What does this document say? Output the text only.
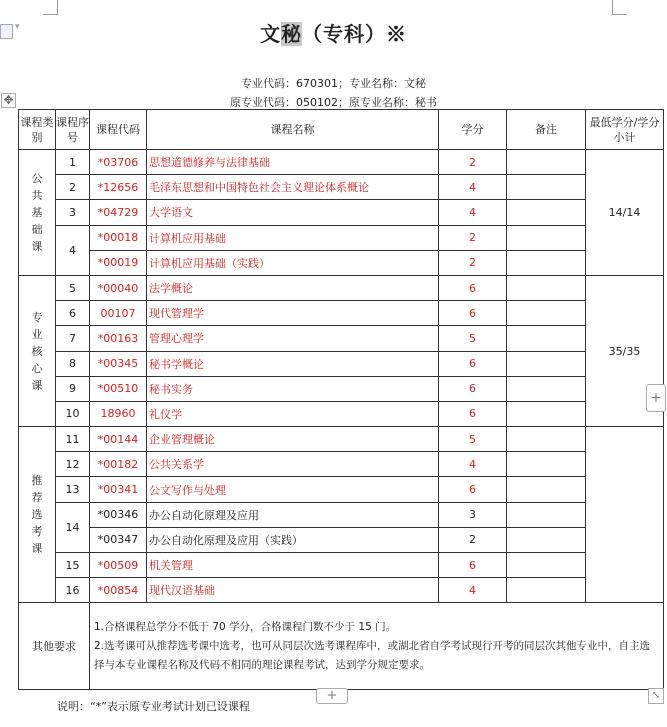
▾
文秘（专科）※
专业代码：670301；专业名称：文秘
原专业代码：050102；原专业名称：秘书
✥
课程类别	课程序号	课程代码	课程名称	学分	备注	最低学分/学分小计

公共基础课	1	*03706	思想道德修养与法律基础	2		14/14
	2	*12656	毛泽东思想和中国特色社会主义理论体系概论	4		
	3	*04729	大学语文	4		
	4	*00018	计算机应用基础	2		
		*00019	计算机应用基础（实践）	2		

专业核心课	5	*00040	法学概论	6		35/35
	6	00107	现代管理学	6		
	7	*00163	管理心理学	5		
	8	*00345	秘书学概论	6		
	9	*00510	秘书实务	6		
	10	18960	礼仪学	6		

推荐选考课	11	*00144	企业管理概论	5		
	12	*00182	公共关系学	4		
	13	*00341	公文写作与处理	6		
	14	*00346	办公自动化原理及应用	3		
		*00347	办公自动化原理及应用（实践）	2		
	15	*00509	机关管理	6		
	16	*00854	现代汉语基础	4		
其他要求		1.合格课程总学分不低于 70 学分，合格课程门数不少于 15 门。
2.选考课可从推荐选考课中选考，也可从同层次选考课程库中，或湖北省自学考试现行开考的同层次其他专业中，自主选择与本专业课程名称及代码不相同的理论课程考试，达到学分规定要求。				
+
+	⤡
说明：“*”表示原专业考试计划已设课程
